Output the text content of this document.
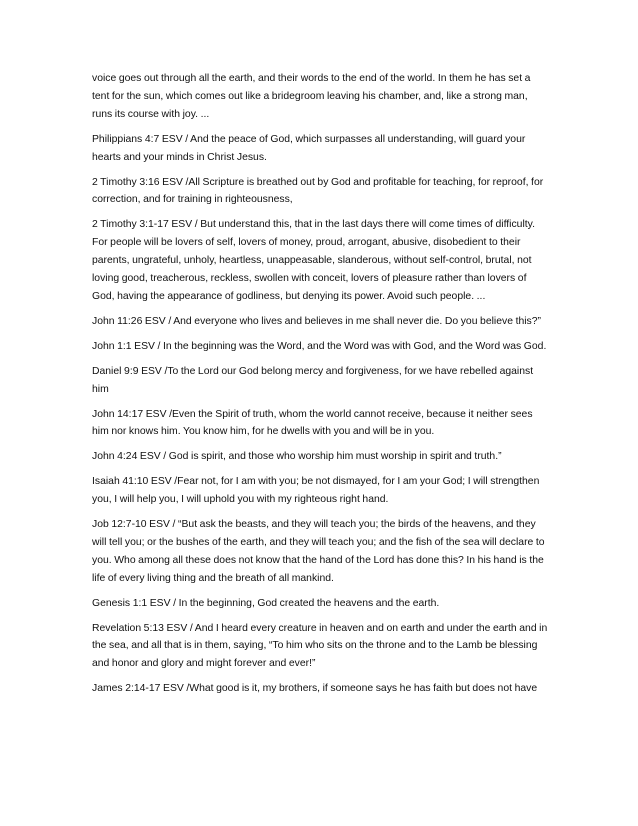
voice goes out through all the earth, and their words to the end of the world. In them he has set a tent for the sun, which comes out like a bridegroom leaving his chamber, and, like a strong man, runs its course with joy. ...

Philippians 4:7 ESV / And the peace of God, which surpasses all understanding, will guard your hearts and your minds in Christ Jesus.

2 Timothy 3:16 ESV /All Scripture is breathed out by God and profitable for teaching, for reproof, for correction, and for training in righteousness,

2 Timothy 3:1-17 ESV / But understand this, that in the last days there will come times of difficulty. For people will be lovers of self, lovers of money, proud, arrogant, abusive, disobedient to their parents, ungrateful, unholy, heartless, unappeasable, slanderous, without self-control, brutal, not loving good, treacherous, reckless, swollen with conceit, lovers of pleasure rather than lovers of God, having the appearance of godliness, but denying its power. Avoid such people. ...

John 11:26 ESV / And everyone who lives and believes in me shall never die. Do you believe this?”

John 1:1 ESV / In the beginning was the Word, and the Word was with God, and the Word was God.

Daniel 9:9 ESV /To the Lord our God belong mercy and forgiveness, for we have rebelled against him

John 14:17 ESV /Even the Spirit of truth, whom the world cannot receive, because it neither sees him nor knows him. You know him, for he dwells with you and will be in you.

John 4:24 ESV / God is spirit, and those who worship him must worship in spirit and truth.”

Isaiah 41:10 ESV /Fear not, for I am with you; be not dismayed, for I am your God; I will strengthen you, I will help you, I will uphold you with my righteous right hand.

Job 12:7-10 ESV / “But ask the beasts, and they will teach you; the birds of the heavens, and they will tell you; or the bushes of the earth, and they will teach you; and the fish of the sea will declare to you. Who among all these does not know that the hand of the Lord has done this? In his hand is the life of every living thing and the breath of all mankind.

Genesis 1:1 ESV / In the beginning, God created the heavens and the earth.

Revelation 5:13 ESV / And I heard every creature in heaven and on earth and under the earth and in the sea, and all that is in them, saying, “To him who sits on the throne and to the Lamb be blessing and honor and glory and might forever and ever!”

James 2:14-17 ESV /What good is it, my brothers, if someone says he has faith but does not have
